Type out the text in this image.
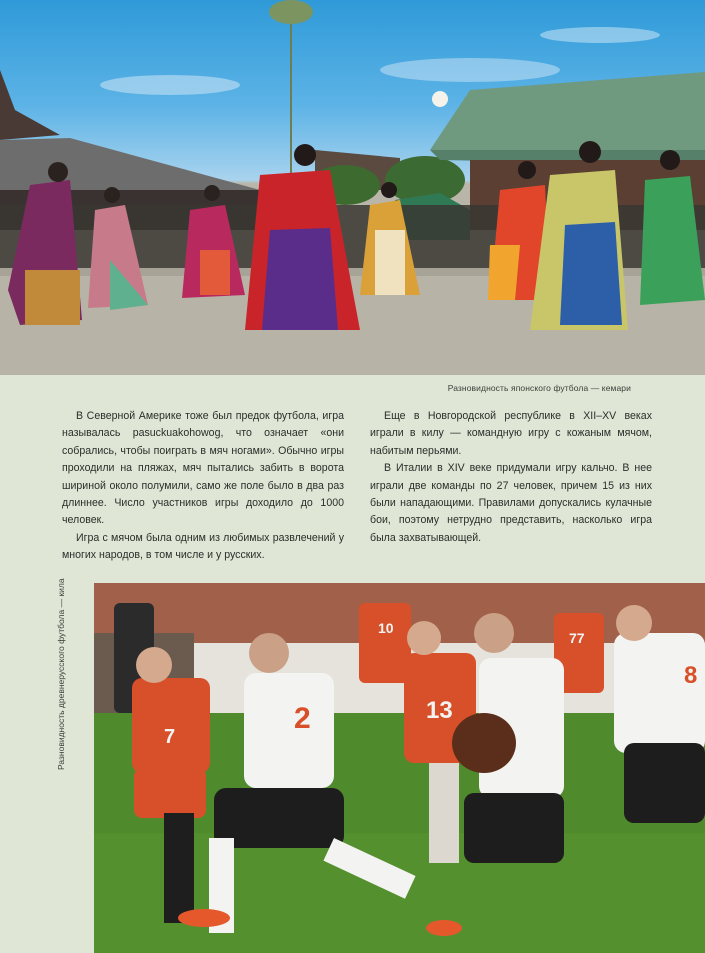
Разновидность японского футбола — кемари

В Северной Америке тоже был предок футбола, игра называлась pasuckuakohowog, что означает «они собрались, чтобы поиграть в мяч ногами». Обычно игры проходили на пляжах, мяч пытались забить в ворота шириной около полумили, само же поле было в два раз длиннее. Число участников игры доходило до 1000 человек.

Игра с мячом была одним из любимых развлечений у многих народов, в том числе и у русских.

Еще в Новгородской республике в XII–XV веках играли в килу — командную игру с кожаным мячом, набитым перьями.

В Италии в XIV веке придумали игру кальчо. В нее играли две команды по 27 человек, причем 15 из них были нападающими. Правилами допускались кулачные бои, поэтому нетрудно представить, насколько игра была захватывающей.

Разновидность древнерусского футбола — кила	7
2	13
10
77
8
